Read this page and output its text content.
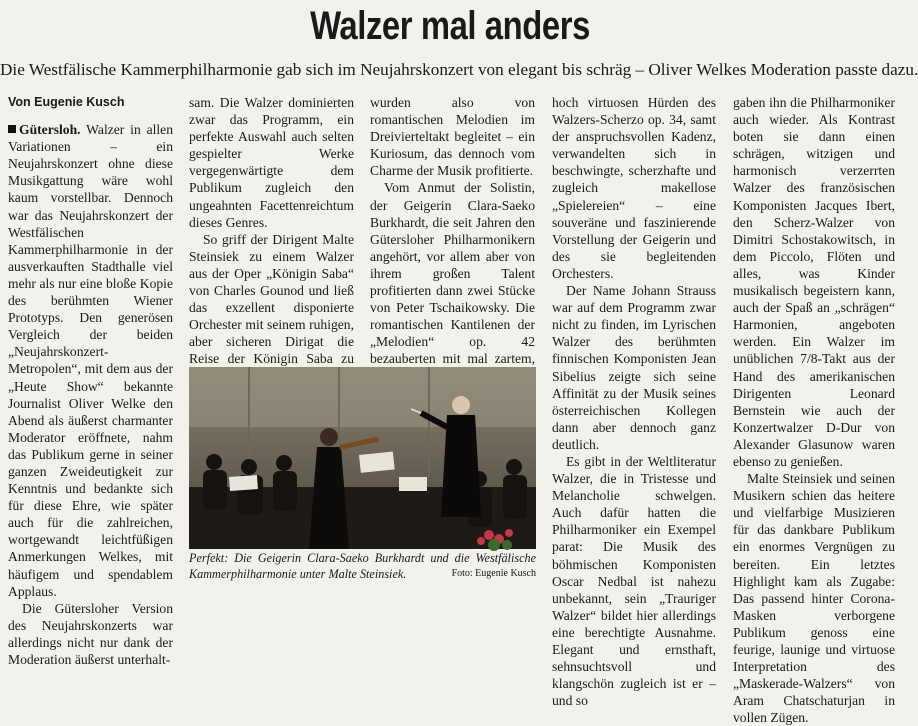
Walzer mal anders
Die Westfälische Kammerphilharmonie gab sich im Neujahrskonzert von elegant bis schräg – Oliver Welkes Moderation passte dazu.
Von Eugenie Kusch

Gütersloh. Walzer in allen Variationen – ein Neujahrskonzert ohne diese Musikgattung wäre wohl kaum vorstellbar. Dennoch war das Neujahrskonzert der Westfälischen Kammerphilharmonie in der ausverkauften Stadthalle viel mehr als nur eine bloße Kopie des berühmten Wiener Prototyps. Den generösen Vergleich der beiden „Neujahrskonzert-Metropolen“, mit dem aus der „Heute Show“ bekannte Journalist Oliver Welke den Abend als äußerst charmanter Moderator eröffnete, nahm das Publikum gerne in seiner ganzen Zweideutigkeit zur Kenntnis und bedankte sich für diese Ehre, wie später auch für die zahlreichen, wortgewandt leichtfüßigen Anmerkungen Welkes, mit häufigem und spendablem Applaus.

Die Gütersloher Version des Neujahrskonzerts war allerdings nicht nur dank der Moderation äußerst unterhalt-

sam. Die Walzer dominierten zwar das Programm, ein perfekte Auswahl auch selten gespielter Werke vergegenwärtigte dem Publikum zugleich den ungeahnten Facettenreichtum dieses Genres.

So griff der Dirigent Malte Steinsiek zu einem Walzer aus der Oper „Königin Saba“ von Charles Gounod und ließ das exzellent disponierte Orchester mit seinem ruhigen, aber sicheren Dirigat die Reise der Königin Saba zu

wurden also von romantischen Melodien im Dreivierteltakt begleitet – ein Kuriosum, das dennoch vom Charme der Musik profitierte.

Vom Anmut der Solistin, der Geigerin Clara-Saeko Burkhardt, die seit Jahren den Gütersloher Philharmonikern angehört, vor allem aber von ihrem großen Talent profitierten dann zwei Stücke von Peter Tschaikowsky. Die romantischen Kantilenen der „Melodien“ op. 42 bezauberten mit mal zartem,

hoch virtuosen Hürden des Walzers-Scherzo op. 34, samt der anspruchsvollen Kadenz, verwandelten sich in beschwingte, scherzhafte und zugleich makellose „Spielereien“ – eine souveräne und faszinierende Vorstellung der Geigerin und des sie begleitenden Orchesters.

Der Name Johann Strauss war auf dem Programm zwar nicht zu finden, im Lyrischen Walzer des berühmten finnischen Komponisten Jean Sibelius zeigte sich seine Affinität zu der Musik seines österreichischen Kollegen dann aber dennoch ganz deutlich.

Es gibt in der Weltliteratur Walzer, die in Tristesse und Melancholie schwelgen. Auch dafür hatten die Philharmoniker ein Exempel parat: Die Musik des böhmischen Komponisten Oscar Nedbal ist nahezu unbekannt, sein „Trauriger Walzer“ bildet hier allerdings eine berechtigte Ausnahme. Elegant und ernsthaft, sehnsuchtsvoll und klangschön zugleich ist er – und so

gaben ihn die Philharmoniker auch wieder. Als Kontrast boten sie dann einen schrägen, witzigen und harmonisch verzerrten Walzer des französischen Komponisten Jacques Ibert, den Scherz-Walzer von Dimitri Schostakowitsch, in dem Piccolo, Flöten und alles, was Kinder musikalisch begeistern kann, auch der Spaß an „schrägen“ Harmonien, angeboten werden. Ein Walzer im unüblichen 7/8-Takt aus der Hand des amerikanischen Dirigenten Leonard Bernstein wie auch der Konzertwalzer D-Dur von Alexander Glasunow waren ebenso zu genießen.

Malte Steinsiek und seinen Musikern schien das heitere und vielfarbige Musizieren für das dankbare Publikum ein enormes Vergnügen zu bereiten. Ein letztes Highlight kam als Zugabe: Das passend hinter Corona-Masken verborgene Publikum genoss eine feurige, launige und virtuose Interpretation des „Maskerade-Walzers“ von Aram Chatschaturjan in vollen Zügen.

Perfekt: Die Geigerin Clara-Saeko Burkhardt und die Westfälische Kammerphilharmonie unter Malte Steinsiek.	Foto: Eugenie Kusch
